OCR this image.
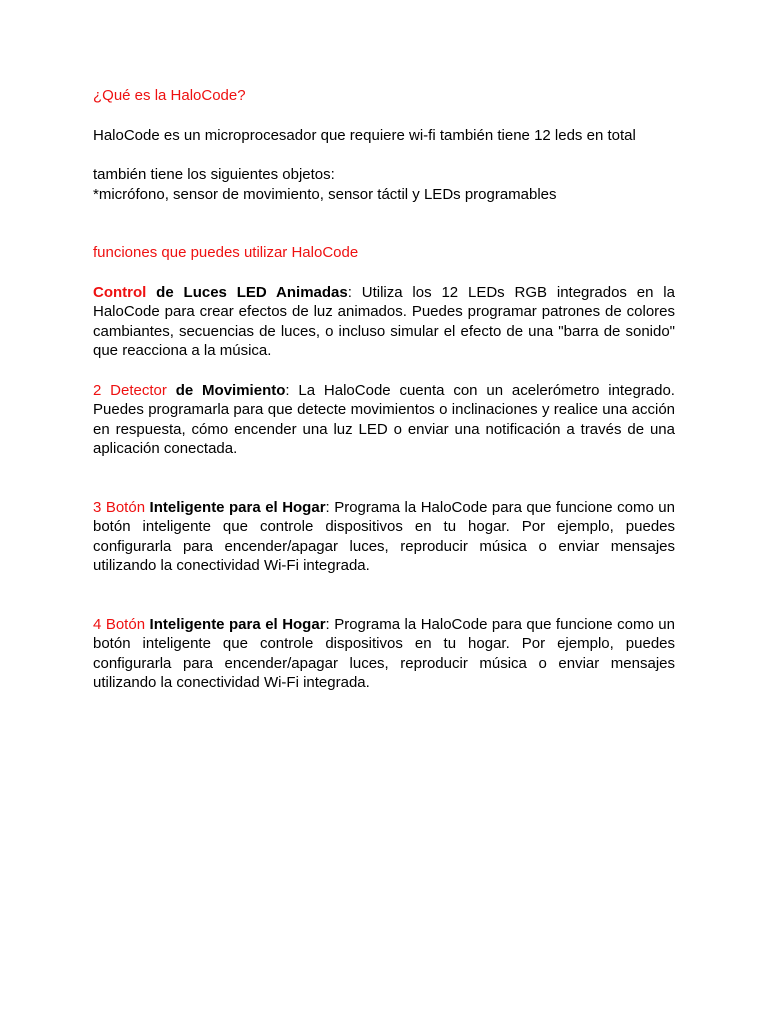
¿Qué es la HaloCode?

HaloCode es un microprocesador que requiere wi-fi también tiene 12 leds en total

también tiene los siguientes objetos:
*micrófono, sensor de movimiento, sensor táctil y LEDs programables

funciones que puedes utilizar HaloCode

Control de Luces LED Animadas: Utiliza los 12 LEDs RGB integrados en la HaloCode para crear efectos de luz animados. Puedes programar patrones de colores cambiantes, secuencias de luces, o incluso simular el efecto de una "barra de sonido" que reacciona a la música.

2 Detector de Movimiento: La HaloCode cuenta con un acelerómetro integrado. Puedes programarla para que detecte movimientos o inclinaciones y realice una acción en respuesta, cómo encender una luz LED o enviar una notificación a través de una aplicación conectada.

3 Botón Inteligente para el Hogar: Programa la HaloCode para que funcione como un botón inteligente que controle dispositivos en tu hogar. Por ejemplo, puedes configurarla para encender/apagar luces, reproducir música o enviar mensajes utilizando la conectividad Wi-Fi integrada.

4 Botón Inteligente para el Hogar: Programa la HaloCode para que funcione como un botón inteligente que controle dispositivos en tu hogar. Por ejemplo, puedes configurarla para encender/apagar luces, reproducir música o enviar mensajes utilizando la conectividad Wi-Fi integrada.
